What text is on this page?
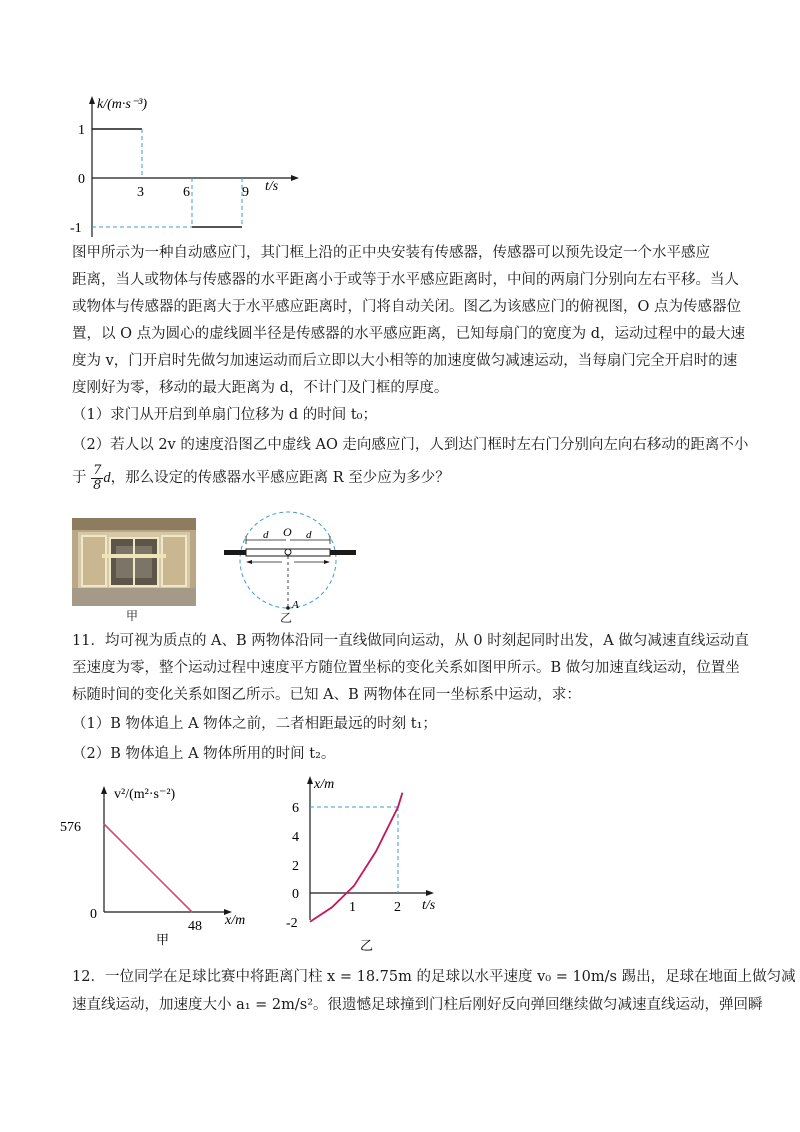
k/(m·s⁻³)
1
0
-1
3	6	9 t/s
图甲所示为一种自动感应门，其门框上沿的正中央安装有传感器，传感器可以预先设定一个水平感应
距离，当人或物体与传感器的水平距离小于或等于水平感应距离时，中间的两扇门分别向左右平移。当人
或物体与传感器的距离大于水平感应距离时，门将自动关闭。图乙为该感应门的俯视图，O 点为传感器位
置，以 O 点为圆心的虚线圆半径是传感器的水平感应距离，已知每扇门的宽度为 d，运动过程中的最大速
度为 v，门开启时先做匀加速运动而后立即以大小相等的加速度做匀减速运动，当每扇门完全开启时的速
度刚好为零，移动的最大距离为 d，不计门及门框的厚度。
（1）求门从开启到单扇门位移为 d 的时间 t₀；
（2）若人以 2v 的速度沿图乙中虚线 AO 走向感应门，人到达门框时左右门分别向左向右移动的距离不小
于 $\frac{7}{8}$ d，那么设定的传感器水平感应距离 R 至少应为多少？
甲
O
d	d
A
乙
11．均可视为质点的 A、B 两物体沿同一直线做同向运动，从 0 时刻起同时出发，A 做匀减速直线运动直
至速度为零，整个运动过程中速度平方随位置坐标的变化关系如图甲所示。B 做匀加速直线运动，位置坐
标随时间的变化关系如图乙所示。已知 A、B 两物体在同一坐标系中运动，求：
（1）B 物体追上 A 物体之前，二者相距最远的时刻 t₁；
（2）B 物体追上 A 物体所用的时间 t₂。
v²/(m²·s⁻²)
576
0
48 x/m
甲
x/m
6
4
2
0
-2
1	2 t/s
乙
12．一位同学在足球比赛中将距离门柱 x = 18.75m 的足球以水平速度 v₀ = 10m/s 踢出，足球在地面上做匀减
速直线运动，加速度大小 a₁ = 2m/s²。很遗憾足球撞到门柱后刚好反向弹回继续做匀减速直线运动，弹回瞬
